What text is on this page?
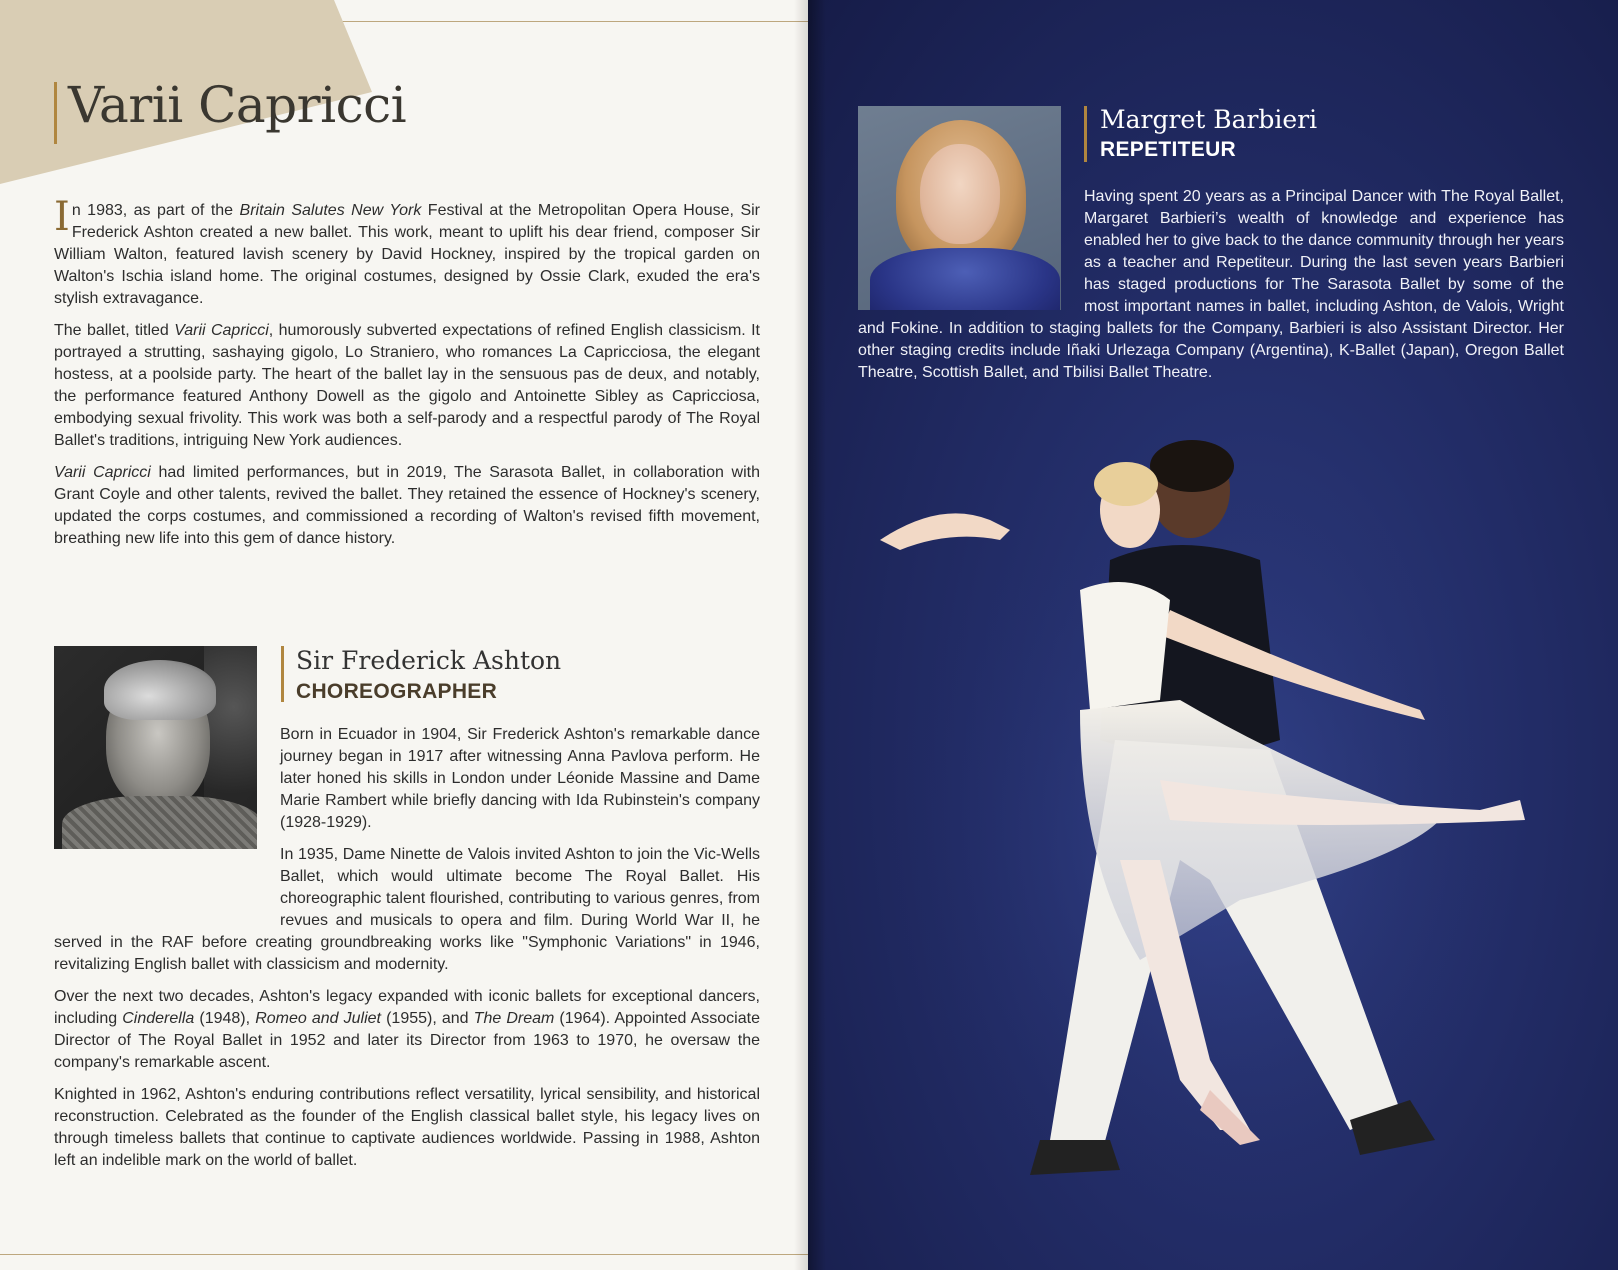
Varii Capricci

In 1983, as part of the Britain Salutes New York Festival at the Metropolitan Opera House, Sir Frederick Ashton created a new ballet. This work, meant to uplift his dear friend, composer Sir William Walton, featured lavish scenery by David Hockney, inspired by the tropical garden on Walton's Ischia island home. The original costumes, designed by Ossie Clark, exuded the era's stylish extravagance.

The ballet, titled Varii Capricci, humorously subverted expectations of refined English classicism. It portrayed a strutting, sashaying gigolo, Lo Straniero, who romances La Capricciosa, the elegant hostess, at a poolside party. The heart of the ballet lay in the sensuous pas de deux, and notably, the performance featured Anthony Dowell as the gigolo and Antoinette Sibley as Capricciosa, embodying sexual frivolity. This work was both a self-parody and a respectful parody of The Royal Ballet's traditions, intriguing New York audiences.

Varii Capricci had limited performances, but in 2019, The Sarasota Ballet, in collaboration with Grant Coyle and other talents, revived the ballet. They retained the essence of Hockney's scenery, updated the corps costumes, and commissioned a recording of Walton's revised fifth movement, breathing new life into this gem of dance history.

Sir Frederick Ashton
CHOREOGRAPHER

Born in Ecuador in 1904, Sir Frederick Ashton's remarkable dance journey began in 1917 after witnessing Anna Pavlova perform. He later honed his skills in London under Léonide Massine and Dame Marie Rambert while briefly dancing with Ida Rubinstein's company (1928-1929).

In 1935, Dame Ninette de Valois invited Ashton to join the Vic-Wells Ballet, which would ultimate become The Royal Ballet. His choreographic talent flourished, contributing to various genres, from revues and musicals to opera and film. During World War II, he served in the RAF before creating groundbreaking works like "Symphonic Variations" in 1946, revitalizing English ballet with classicism and modernity.

Over the next two decades, Ashton's legacy expanded with iconic ballets for exceptional dancers, including Cinderella (1948), Romeo and Juliet (1955), and The Dream (1964). Appointed Associate Director of The Royal Ballet in 1952 and later its Director from 1963 to 1970, he oversaw the company's remarkable ascent.

Knighted in 1962, Ashton's enduring contributions reflect versatility, lyrical sensibility, and historical reconstruction. Celebrated as the founder of the English classical ballet style, his legacy lives on through timeless ballets that continue to captivate audiences worldwide. Passing in 1988, Ashton left an indelible mark on the world of ballet.

Margret Barbieri
REPETITEUR

Having spent 20 years as a Principal Dancer with The Royal Ballet, Margaret Barbieri’s wealth of knowledge and experience has enabled her to give back to the dance community through her years as a teacher and Repetiteur. During the last seven years Barbieri has staged productions for The Sarasota Ballet by some of the most important names in ballet, including Ashton, de Valois, Wright and Fokine. In addition to staging ballets for the Company, Barbieri is also Assistant Director. Her other staging credits include Iñaki Urlezaga Company (Argentina), K-Ballet (Japan), Oregon Ballet Theatre, Scottish Ballet, and Tbilisi Ballet Theatre.
